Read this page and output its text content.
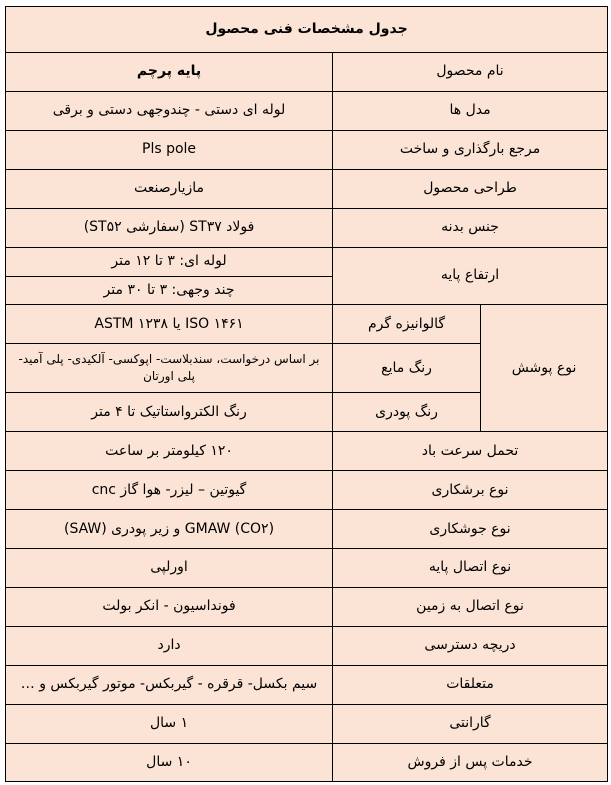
جدول مشخصات فنی محصول		
نام محصول		پایه پرچم
مدل ها		لوله ای دستی - چندوجهی دستی و برقی
مرجع بارگذاری و ساخت		Pls pole
طراحی محصول		مازیارصنعت
جنس بدنه		فولاد ST۳۷ (سفارشی ST۵۲)
ارتفاع پایه		لوله ای: ۳ تا ۱۲ متر
		چند وجهی: ۳ تا ۳۰ متر
نوع پوشش	گالوانیزه گرم	۱۴۶۱ ISO یا ASTM ۱۲۳۸
	رنگ مایع	بر اساس درخواست، سندبلاست- اپوکسی- آلکیدی- پلی آمید- پلی اورتان
	رنگ پودری	رنگ الکترواستاتیک تا ۴ متر
تحمل سرعت باد		۱۲۰ کیلومتر بر ساعت
نوع برشکاری		گیوتین – لیزر- هوا گاز cnc
نوع جوشکاری		GMAW (CO۲) و زیر پودری (SAW)
نوع اتصال پایه		اورلپی
نوع اتصال به زمین		فونداسیون - انکر بولت
دریچه دسترسی		دارد
متعلقات		سیم بکسل- قرقره - گیربکس- موتور گیربکس و …
گارانتی		۱ سال
خدمات پس از فروش		۱۰ سال
